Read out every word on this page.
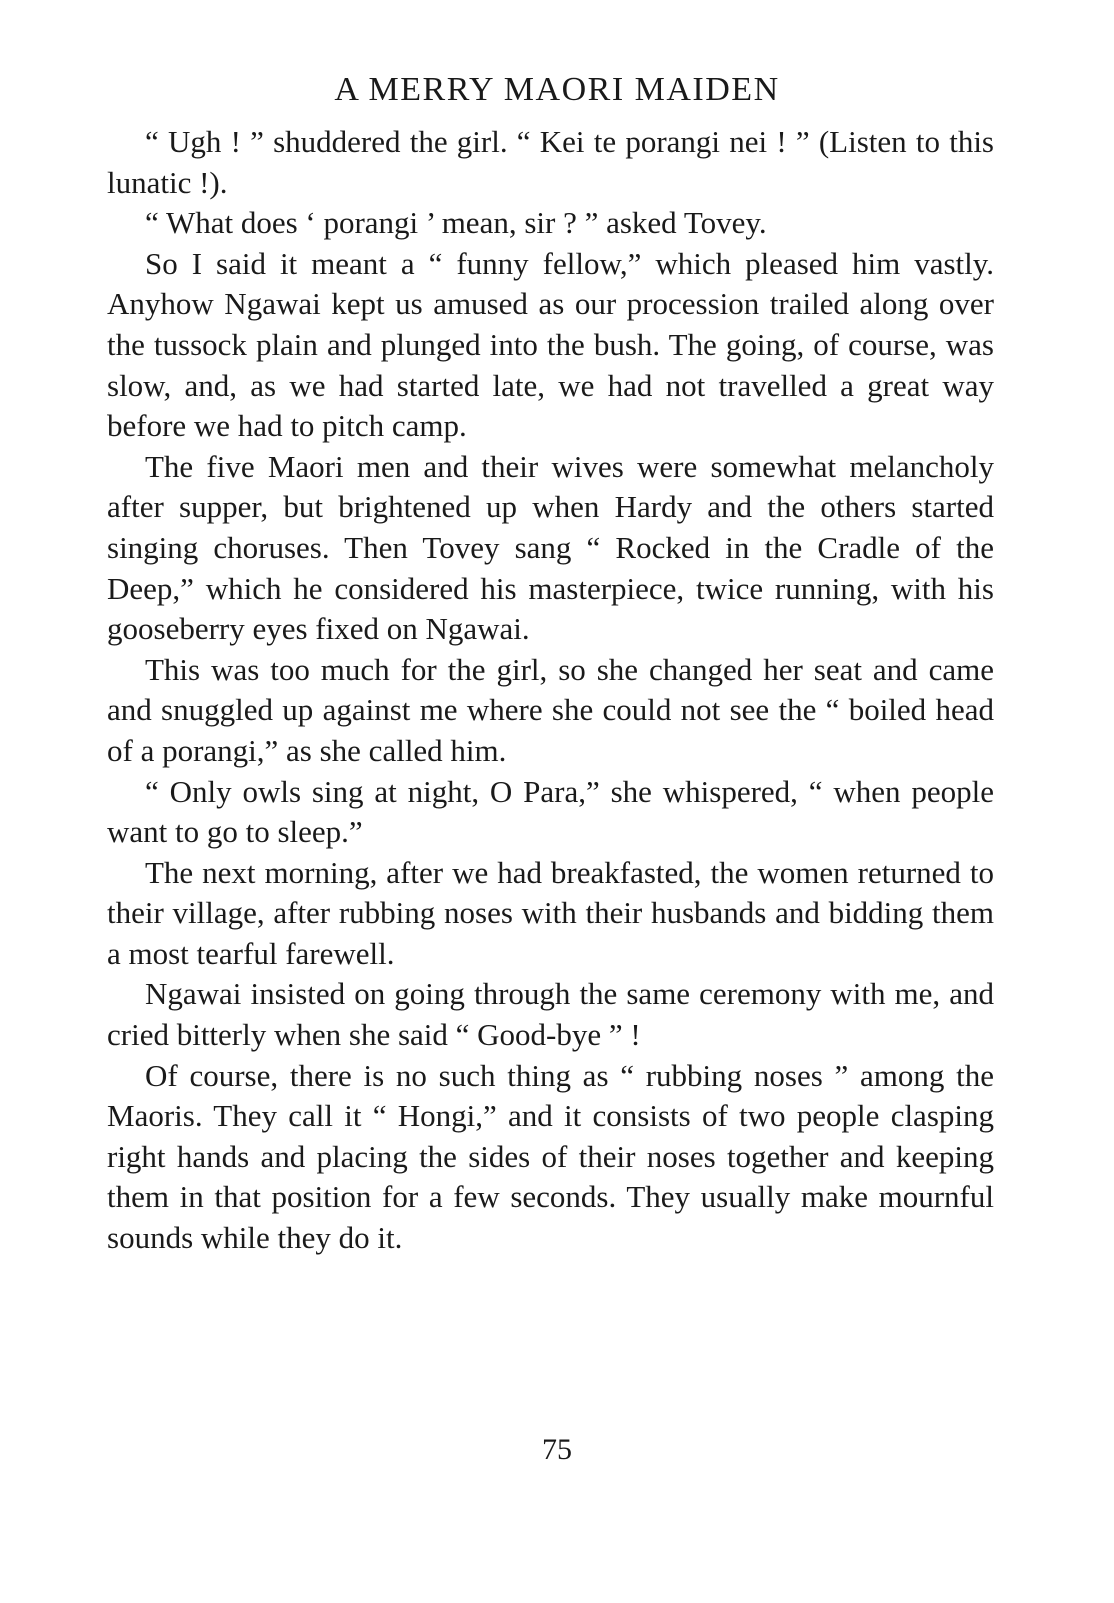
A MERRY MAORI MAIDEN

“ Ugh ! ” shuddered the girl. “ Kei te porangi nei ! ” (Listen to this lunatic !).

“ What does ‘ porangi ’ mean, sir ? ” asked Tovey.

So I said it meant a “ funny fellow,” which pleased him vastly. Anyhow Ngawai kept us amused as our procession trailed along over the tussock plain and plunged into the bush. The going, of course, was slow, and, as we had started late, we had not travelled a great way before we had to pitch camp.

The five Maori men and their wives were somewhat melancholy after supper, but brightened up when Hardy and the others started singing choruses. Then Tovey sang “ Rocked in the Cradle of the Deep,” which he considered his masterpiece, twice running, with his gooseberry eyes fixed on Ngawai.

This was too much for the girl, so she changed her seat and came and snuggled up against me where she could not see the “ boiled head of a porangi,” as she called him.

“ Only owls sing at night, O Para,” she whispered, “ when people want to go to sleep.”

The next morning, after we had breakfasted, the women returned to their village, after rubbing noses with their husbands and bidding them a most tearful farewell.

Ngawai insisted on going through the same ceremony with me, and cried bitterly when she said “ Good-bye ” !

Of course, there is no such thing as “ rubbing noses ” among the Maoris. They call it “ Hongi,” and it consists of two people clasping right hands and placing the sides of their noses together and keeping them in that position for a few seconds. They usually make mournful sounds while they do it.

75
